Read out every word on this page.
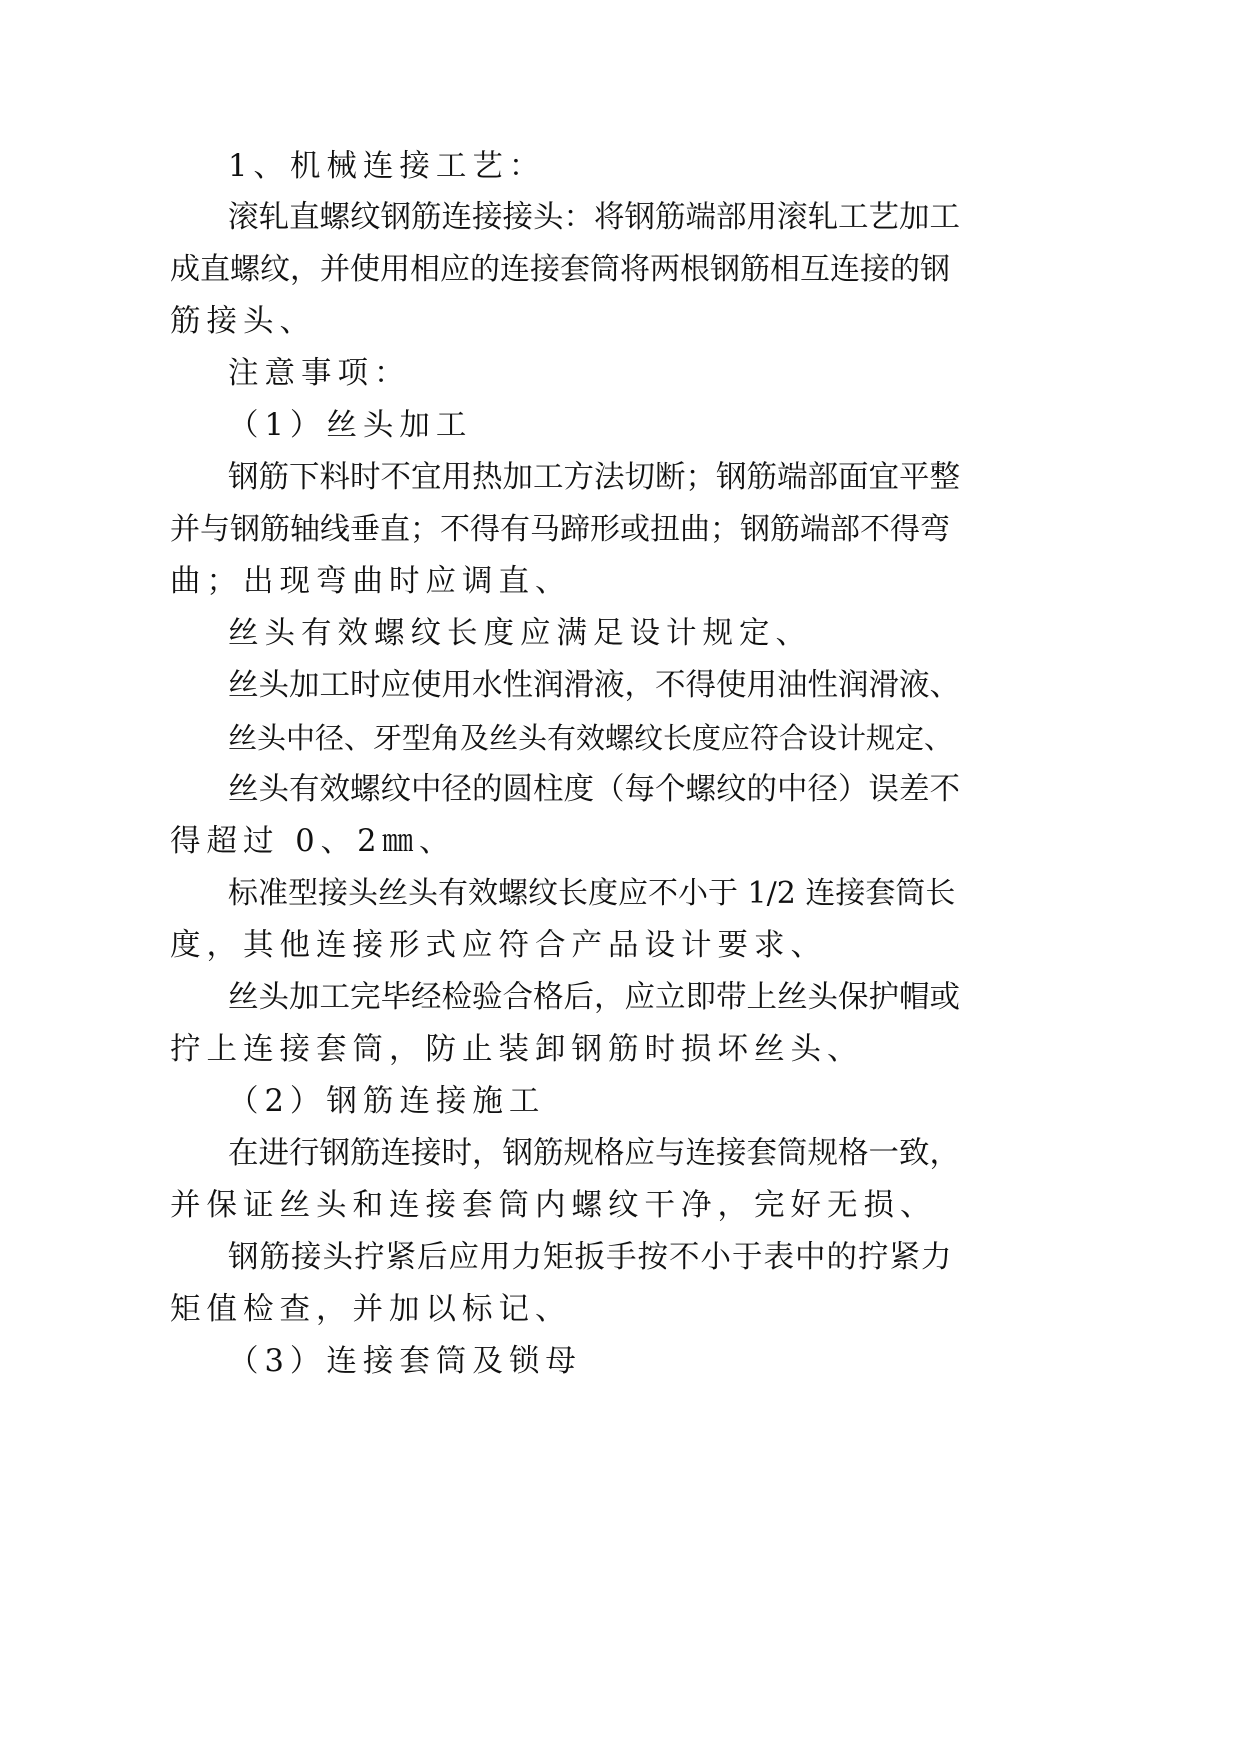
1、机械连接工艺：
滚轧直螺纹钢筋连接接头：将钢筋端部用滚轧工艺加工
成直螺纹，并使用相应的连接套筒将两根钢筋相互连接的钢
筋接头、
注意事项：
（1）丝头加工
钢筋下料时不宜用热加工方法切断；钢筋端部面宜平整
并与钢筋轴线垂直；不得有马蹄形或扭曲；钢筋端部不得弯
曲；出现弯曲时应调直、
丝头有效螺纹长度应满足设计规定、
丝头加工时应使用水性润滑液，不得使用油性润滑液、
丝头中径、牙型角及丝头有效螺纹长度应符合设计规定、
丝头有效螺纹中径的圆柱度（每个螺纹的中径）误差不
得超过 0、2㎜、
标准型接头丝头有效螺纹长度应不小于 1/2 连接套筒长
度，其他连接形式应符合产品设计要求、
丝头加工完毕经检验合格后，应立即带上丝头保护帽或
拧上连接套筒，防止装卸钢筋时损坏丝头、
（2）钢筋连接施工
在进行钢筋连接时，钢筋规格应与连接套筒规格一致，
并保证丝头和连接套筒内螺纹干净，完好无损、
钢筋接头拧紧后应用力矩扳手按不小于表中的拧紧力
矩值检查，并加以标记、
（3）连接套筒及锁母
